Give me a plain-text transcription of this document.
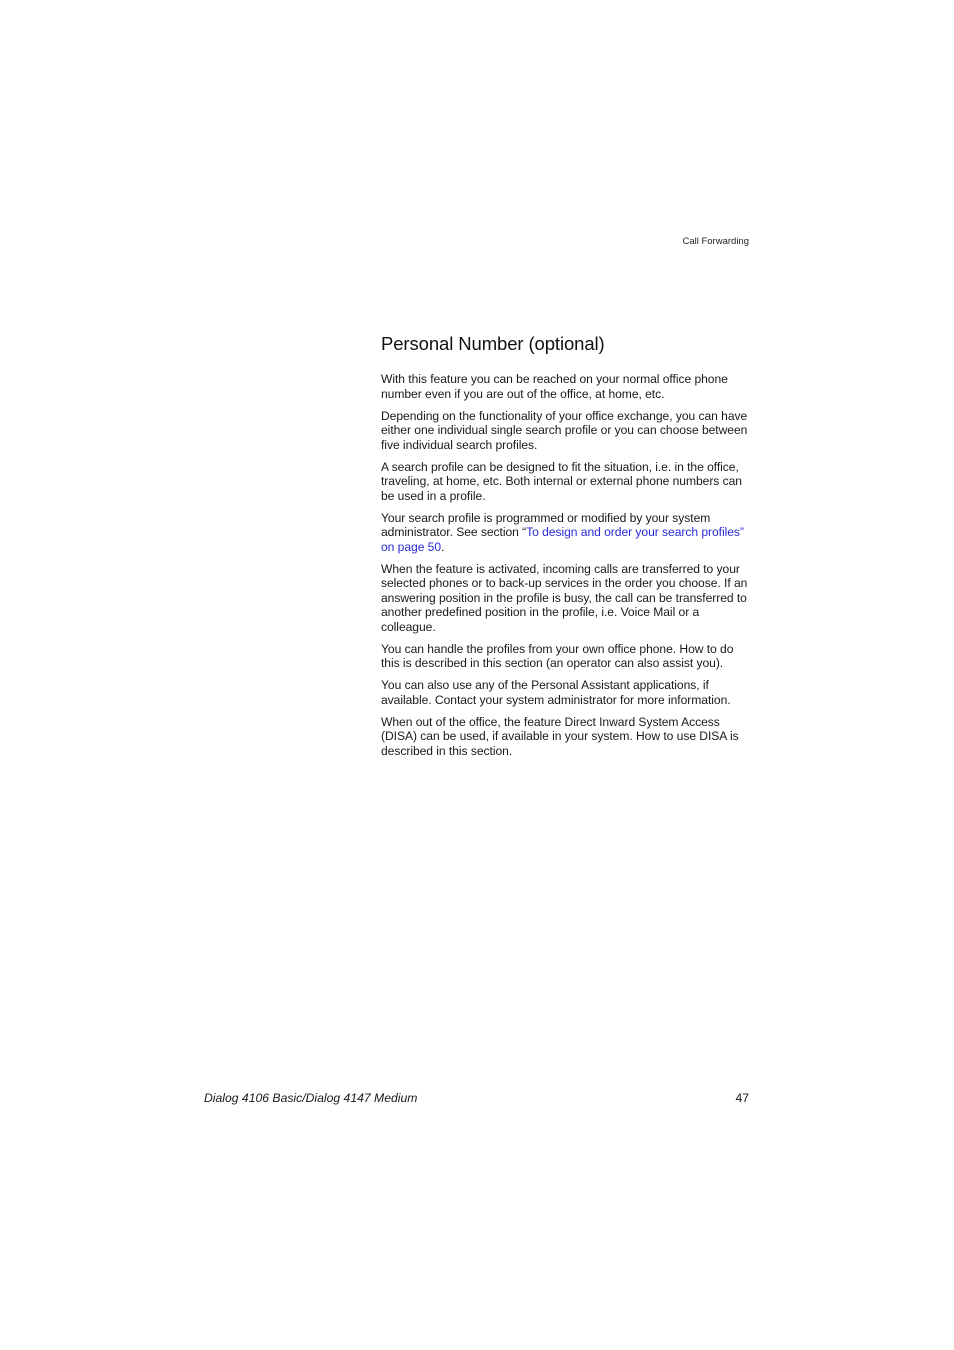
Call Forwarding
Personal Number (optional)

With this feature you can be reached on your normal office phone number even if you are out of the office, at home, etc.

Depending on the functionality of your office exchange, you can have either one individual single search profile or you can choose between five individual search profiles.

A search profile can be designed to fit the situation, i.e. in the office, traveling, at home, etc. Both internal or external phone numbers can be used in a profile.

Your search profile is programmed or modified by your system administrator. See section “To design and order your search profiles” on page 50.

When the feature is activated, incoming calls are transferred to your selected phones or to back-up services in the order you choose. If an answering position in the profile is busy, the call can be transferred to another predefined position in the profile, i.e. Voice Mail or a colleague.

You can handle the profiles from your own office phone. How to do this is described in this section (an operator can also assist you).

You can also use any of the Personal Assistant applications, if available. Contact your system administrator for more information.

When out of the office, the feature Direct Inward System Access (DISA) can be used, if available in your system. How to use DISA is described in this section.

Dialog 4106 Basic/Dialog 4147 Medium	47
